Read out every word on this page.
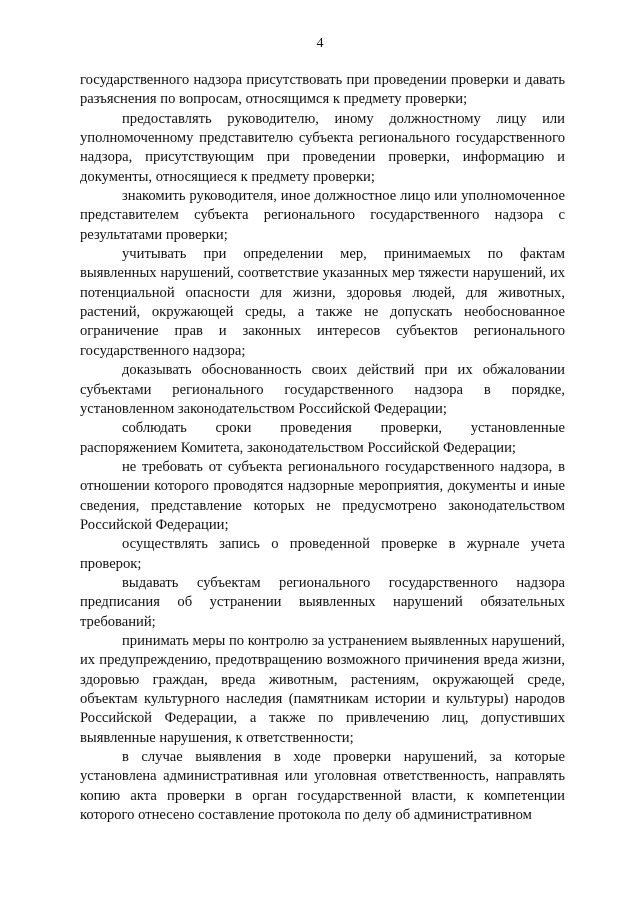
4

государственного надзора присутствовать при проведении проверки и давать разъяснения по вопросам, относящимся к предмету проверки;

предоставлять руководителю, иному должностному лицу или уполномоченному представителю субъекта регионального государственного надзора, присутствующим при проведении проверки, информацию и документы, относящиеся к предмету проверки;

знакомить руководителя, иное должностное лицо или уполномоченное представителем субъекта регионального государственного надзора с результатами проверки;

учитывать при определении мер, принимаемых по фактам выявленных нарушений, соответствие указанных мер тяжести нарушений, их потенциальной опасности для жизни, здоровья людей, для животных, растений, окружающей среды, а также не допускать необоснованное ограничение прав и законных интересов субъектов регионального государственного надзора;

доказывать обоснованность своих действий при их обжаловании субъектами регионального государственного надзора в порядке, установленном законодательством Российской Федерации;

соблюдать сроки проведения проверки, установленные распоряжением Комитета, законодательством Российской Федерации;

не требовать от субъекта регионального государственного надзора, в отношении которого проводятся надзорные мероприятия, документы и иные сведения, представление которых не предусмотрено законодательством Российской Федерации;

осуществлять запись о проведенной проверке в журнале учета проверок;

выдавать субъектам регионального государственного надзора предписания об устранении выявленных нарушений обязательных требований;

принимать меры по контролю за устранением выявленных нарушений, их предупреждению, предотвращению возможного причинения вреда жизни, здоровью граждан, вреда животным, растениям, окружающей среде, объектам культурного наследия (памятникам истории и культуры) народов Российской Федерации, а также по привлечению лиц, допустивших выявленные нарушения, к ответственности;

в случае выявления в ходе проверки нарушений, за которые установлена административная или уголовная ответственность, направлять копию акта проверки в орган государственной власти, к компетенции которого отнесено составление протокола по делу об административном
